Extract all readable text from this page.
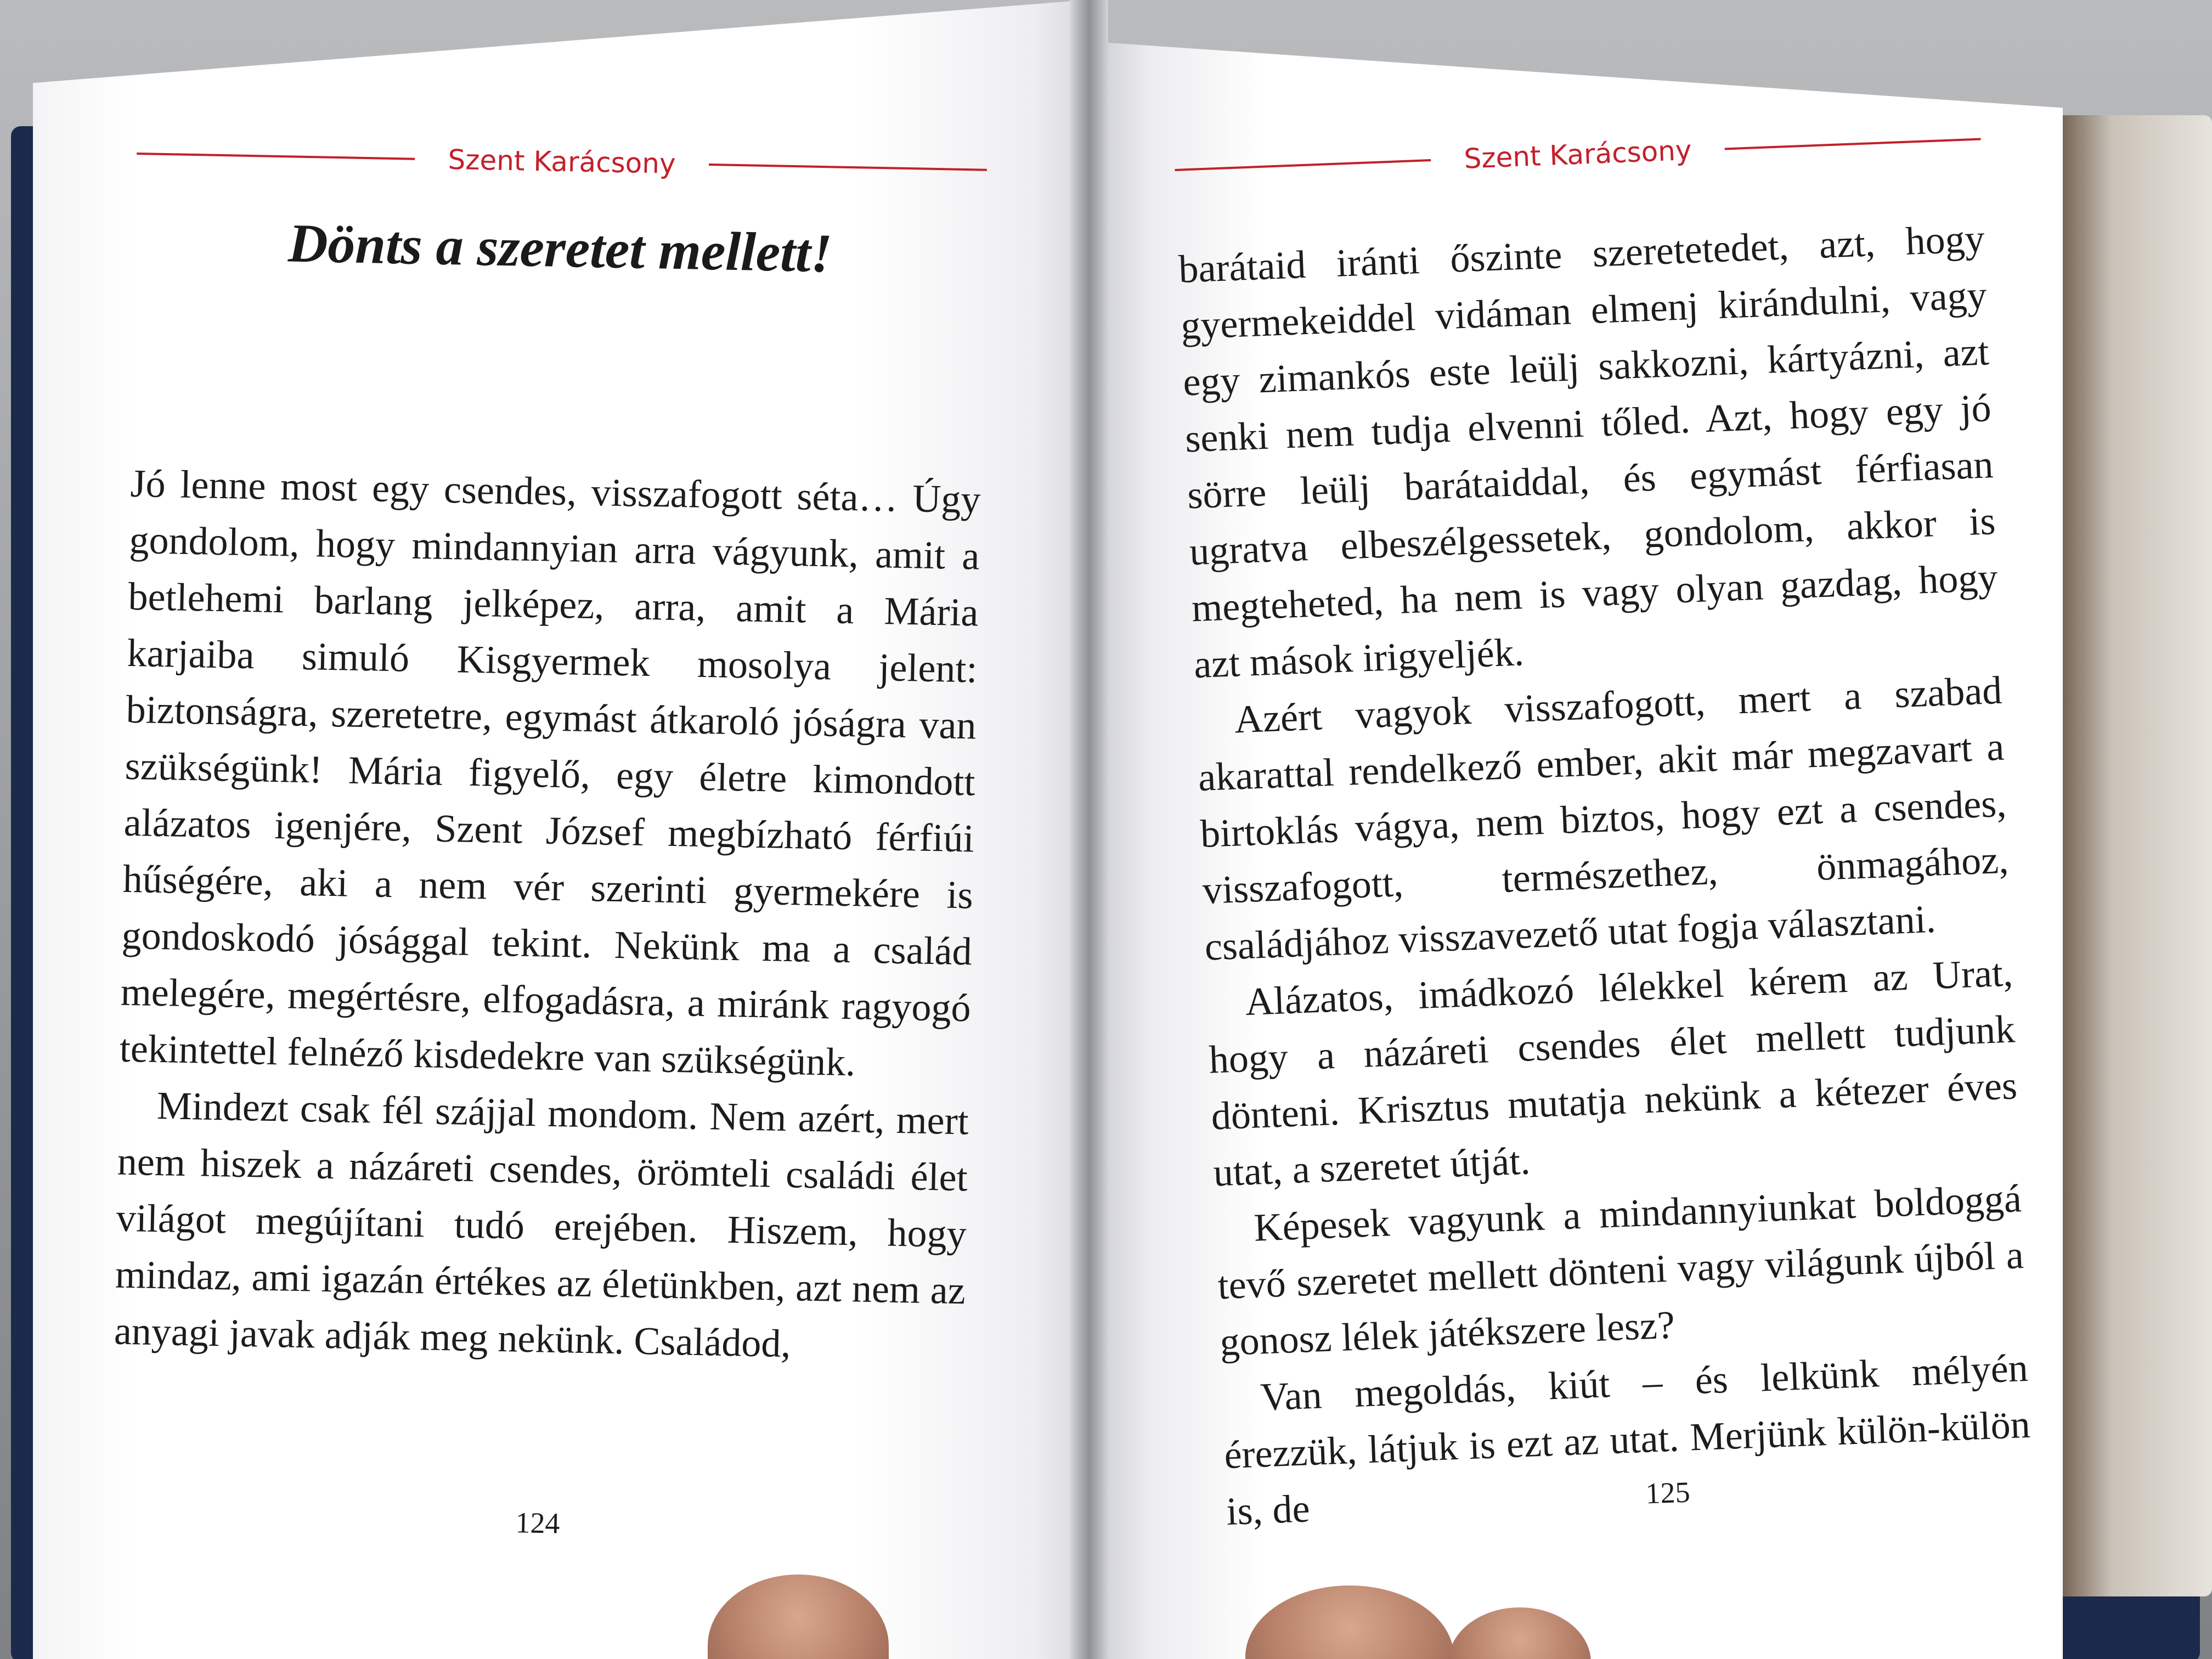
Szent Karácsony
Dönts a szeretet mellett!

Jó lenne most egy csendes, visszafogott séta… Úgy gondolom, hogy mindannyian arra vágyunk, amit a betlehemi barlang jelképez, arra, amit a Mária karjaiba simuló Kisgyermek mosolya jelent: biztonságra, szeretetre, egymást átkaroló jóságra van szükségünk! Mária figyelő, egy életre kimondott alázatos igenjére, Szent József megbízható férfiúi hűségére, aki a nem vér szerinti gyermekére is gondoskodó jósággal tekint. Nekünk ma a család melegére, megértésre, elfogadásra, a miránk ragyogó tekintettel felnéző kisdedekre van szükségünk.

Mindezt csak fél szájjal mondom. Nem azért, mert nem hiszek a názáreti csendes, örömteli családi élet világot megújítani tudó erejében. Hiszem, hogy mindaz, ami igazán értékes az életünkben, azt nem az anyagi javak adják meg nekünk. Családod,

Szent Karácsony

barátaid iránti őszinte szeretetedet, azt, hogy gyermekeiddel vidáman elmenj kirándulni, vagy egy zimankós este leülj sakkozni, kártyázni, azt senki nem tudja elvenni tőled. Azt, hogy egy jó sörre leülj barátaiddal, és egymást férfiasan ugratva elbeszélgessetek, gondolom, akkor is megteheted, ha nem is vagy olyan gazdag, hogy azt mások irigyeljék.

Azért vagyok visszafogott, mert a szabad akarattal rendelkező ember, akit már megzavart a birtoklás vágya, nem biztos, hogy ezt a csendes, visszafogott, természethez, önmagához, családjához visszavezető utat fogja választani.

Alázatos, imádkozó lélekkel kérem az Urat, hogy a názáreti csendes élet mellett tudjunk dönteni. Krisztus mutatja nekünk a kétezer éves utat, a szeretet útját.

Képesek vagyunk a mindannyiunkat boldoggá tevő szeretet mellett dönteni vagy világunk újból a gonosz lélek játékszere lesz?

Van megoldás, kiút – és lelkünk mélyén érezzük, látjuk is ezt az utat. Merjünk külön-külön is, de

124
125
